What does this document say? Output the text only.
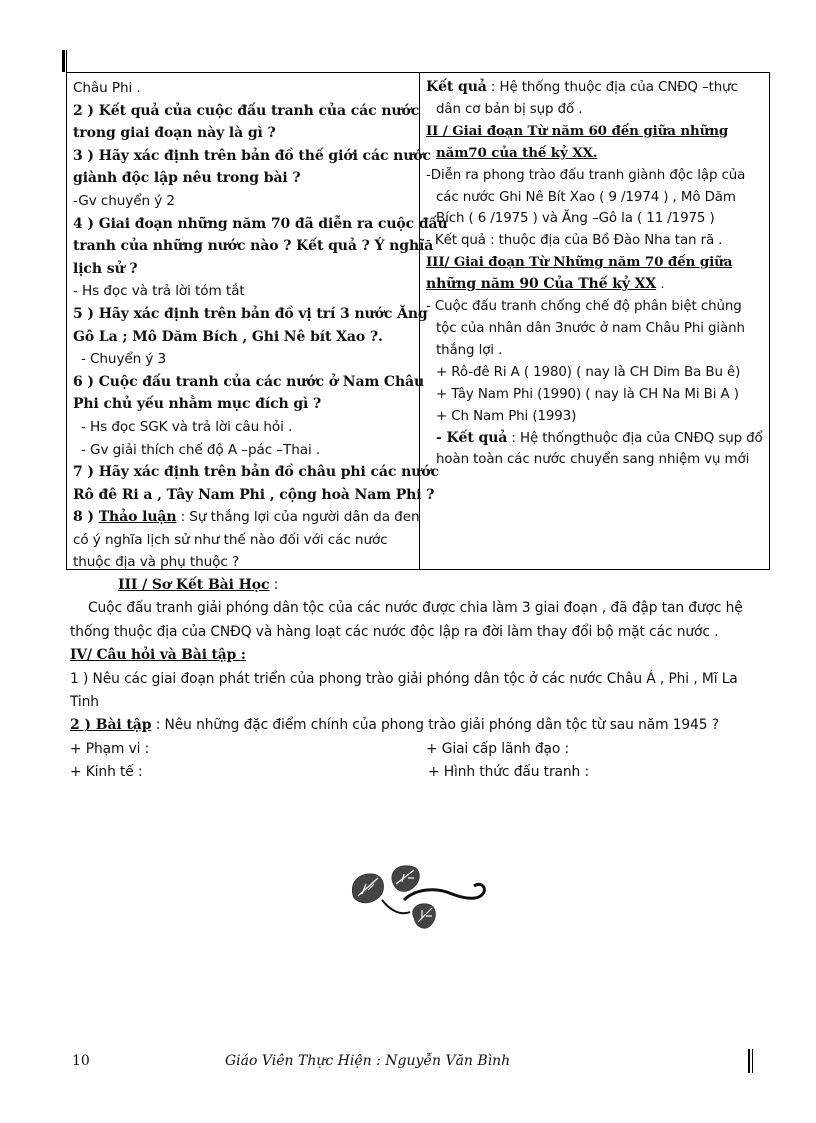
Châu Phi .
2 ) Kết quả của cuộc đấu tranh của các nước
trong giai đoạn này là gì ?
3 ) Hãy xác định trên bản đồ thế giới các nước
giành độc lập nêu trong bài ?
-Gv chuyển ý 2
4 ) Giai đoạn những năm 70 đã diễn ra cuộc đấu
tranh của những nước nào ? Kết quả ? Ý nghĩa
lịch sử ?
- Hs đọc và trả lời tóm tắt
5 ) Hãy xác định trên bản đồ vị trí 3 nước Ăng
Gô La ; Mô Dăm Bích , Ghi Nê bít Xao ?.
- Chuyển ý 3
6 ) Cuộc đấu tranh của các nước ở Nam Châu
Phi chủ yếu nhằm mục đích gì ?
- Hs đọc SGK và trả lời câu hỏi .
- Gv giải thích chế độ A –pác –Thai .
7 ) Hãy xác định trên bản đồ châu phi các nước
Rô đê Ri a , Tây Nam Phi , cộng hoà Nam Phi ?
8 ) Thảo luận : Sự thắng lợi của người dân da đen
có ý nghĩa lịch sử như thế nào đối với các nước
thuộc địa và phụ thuộc ?
Kết quả : Hệ thống thuộc địa của CNĐQ –thực
dân cơ bản bị sụp đổ .
II / Giai đoạn Từ năm 60 đến giữa những
năm70 của thế kỷ XX.
-Diễn ra phong trào đấu tranh giành độc lập của
các nước Ghi Nê Bít Xao ( 9 /1974 ) , Mô Dăm
Bích ( 6 /1975 ) và Ăng –Gô la ( 11 /1975 )
- Kết quả : thuộc địa của Bồ Đào Nha tan rã .
III/ Giai đoạn Từ Những năm 70 đến giữa
những năm 90 Của Thế kỷ XX .
- Cuộc đấu tranh chống chế độ phân biệt chủng
tộc của nhân dân 3nước ở nam Châu Phi giành
thắng lợi .
+ Rô-đê Ri A ( 1980) ( nay là CH Dim Ba Bu ê)
+ Tây Nam Phi (1990) ( nay là CH Na Mi Bi A )
+ Ch Nam Phi (1993)
- Kết quả : Hệ thốngthuộc địa của CNĐQ sụp đổ
hoàn toàn các nước chuyển sang nhiệm vụ mới
III / Sơ Kết Bài Học :
Cuộc đấu tranh giải phóng dân tộc của các nước được chia làm 3 giai đoạn , đã đập tan được hệ
thống thuộc địa của CNĐQ và hàng loạt các nước độc lập ra đời làm thay đổi bộ mặt các nước .
IV/ Câu hỏi và Bài tập :
1 ) Nêu các giai đoạn phát triển của phong trào giải phóng dân tộc ở các nước Châu Á , Phi , Mĩ La
Tinh
2 ) Bài tập : Nêu những đặc điểm chính của phong trào giải phóng dân tộc từ sau năm 1945 ?
+ Phạm vi :	+ Giai cấp lãnh đạo :
+ Kinh tế :	+ Hình thức đấu tranh :
10	Giáo Viên Thực Hiện : Nguyễn Văn Bình
